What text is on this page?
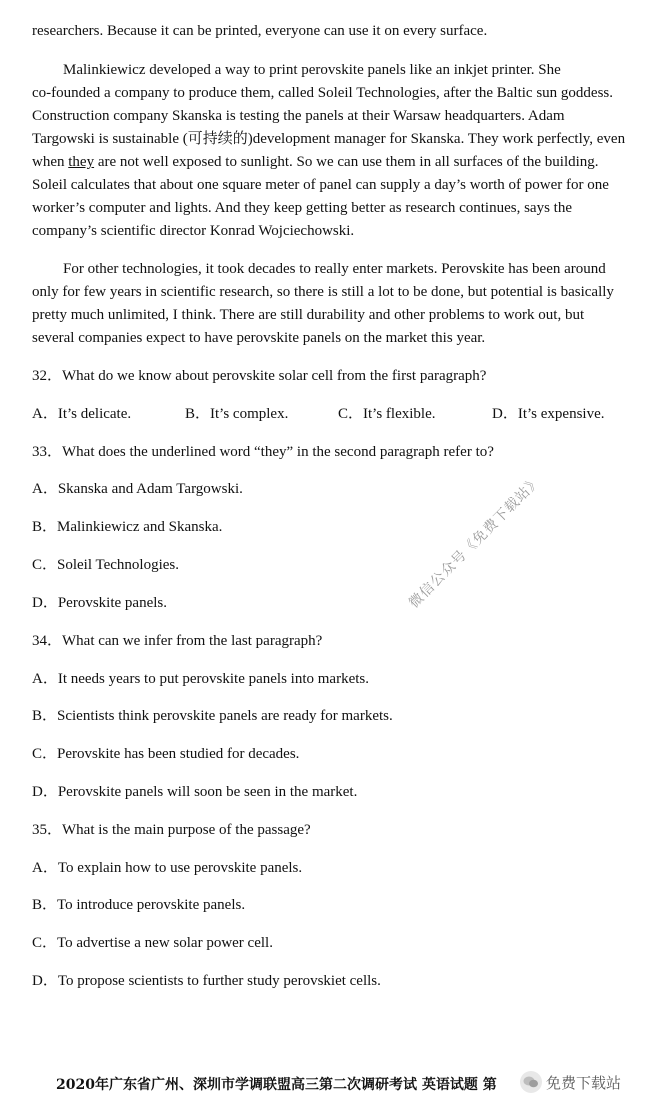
researchers. Because it can be printed, everyone can use it on every surface.
Malinkiewicz developed a way to print perovskite panels like an inkjet printer. She
co-founded a company to produce them, called Soleil Technologies, after the Baltic sun goddess.
Construction company Skanska is testing the panels at their Warsaw headquarters. Adam
Targowski is sustainable (可持续的)development manager for Skanska. They work perfectly, even
when they are not well exposed to sunlight. So we can use them in all surfaces of the building.
Soleil calculates that about one square meter of panel can supply a day’s worth of power for one
worker’s computer and lights. And they keep getting better as research continues, says the
company’s scientific director Konrad Wojciechowski.
For other technologies, it took decades to really enter markets. Perovskite has been around
only for few years in scientific research, so there is still a lot to be done, but potential is basically
pretty much unlimited, I think. There are still durability and other problems to work out, but
several companies expect to have perovskite panels on the market this year.
32．What do we know about perovskite solar cell from the first paragraph?
A．It’s delicate.	B．It’s complex.	C．It’s flexible.	D．It’s expensive.
33．What does the underlined word “they” in the second paragraph refer to?
A．Skanska and Adam Targowski.
B．Malinkiewicz and Skanska.
C．Soleil Technologies.
D．Perovskite panels.
34．What can we infer from the last paragraph?
A．It needs years to put perovskite panels into markets.
B．Scientists think perovskite panels are ready for markets.
C．Perovskite has been studied for decades.
D．Perovskite panels will soon be seen in the market.
35．What is the main purpose of the passage?
A．To explain how to use perovskite panels.
B．To introduce perovskite panels.
C．To advertise a new solar power cell.
D．To propose scientists to further study perovskiet cells.
微信公众号《免费下载站》
2020年广东省广州、深圳市学调联盟高三第二次调研考试 英语试题 第	免费下载站
